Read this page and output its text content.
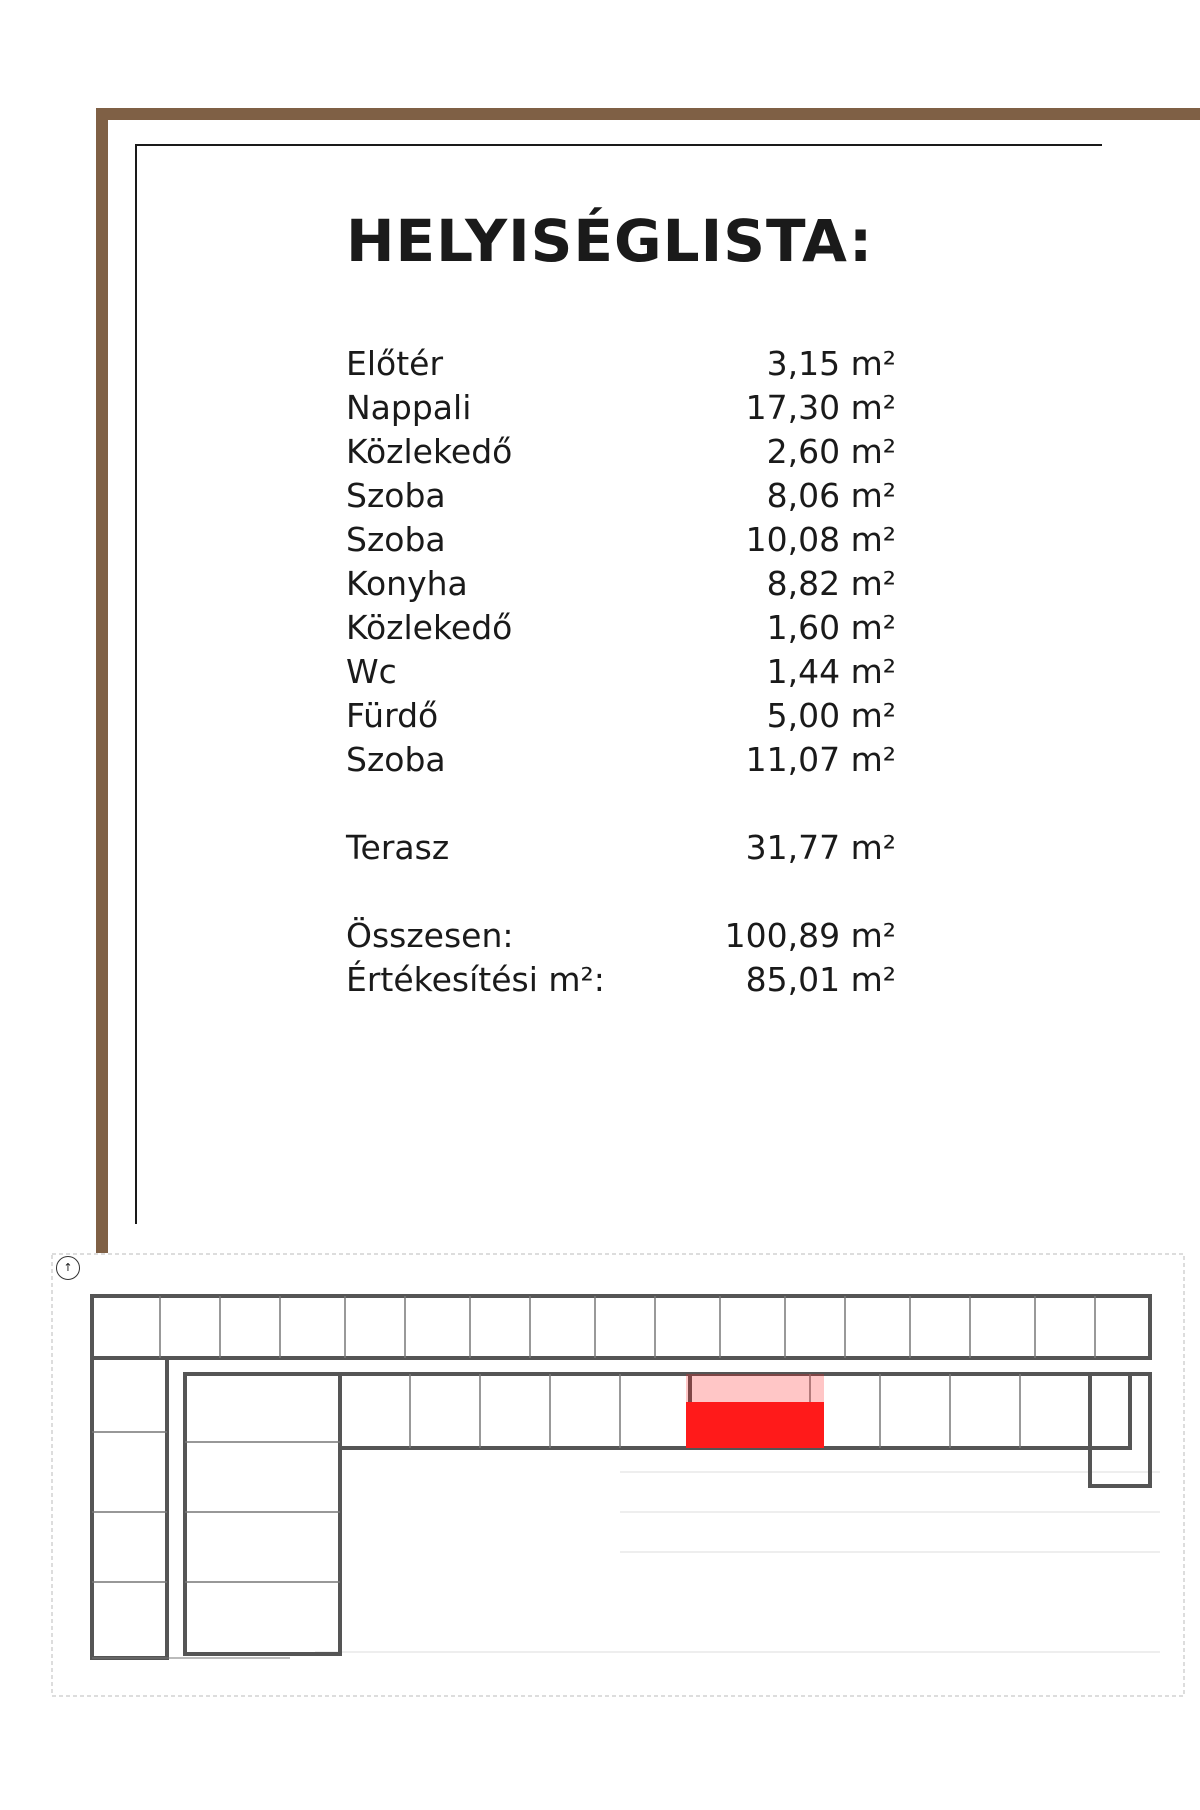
HELYISÉGLISTA:
Előtér	3,15 m²
Nappali	17,30 m²
Közlekedő	2,60 m²
Szoba	8,06 m²
Szoba	10,08 m²
Konyha	8,82 m²
Közlekedő	1,60 m²
Wc	1,44 m²
Fürdő	5,00 m²
Szoba	11,07 m²
Terasz	31,77 m²
Összesen:	100,89 m²
Értékesítési m²:	85,01 m²
↑
